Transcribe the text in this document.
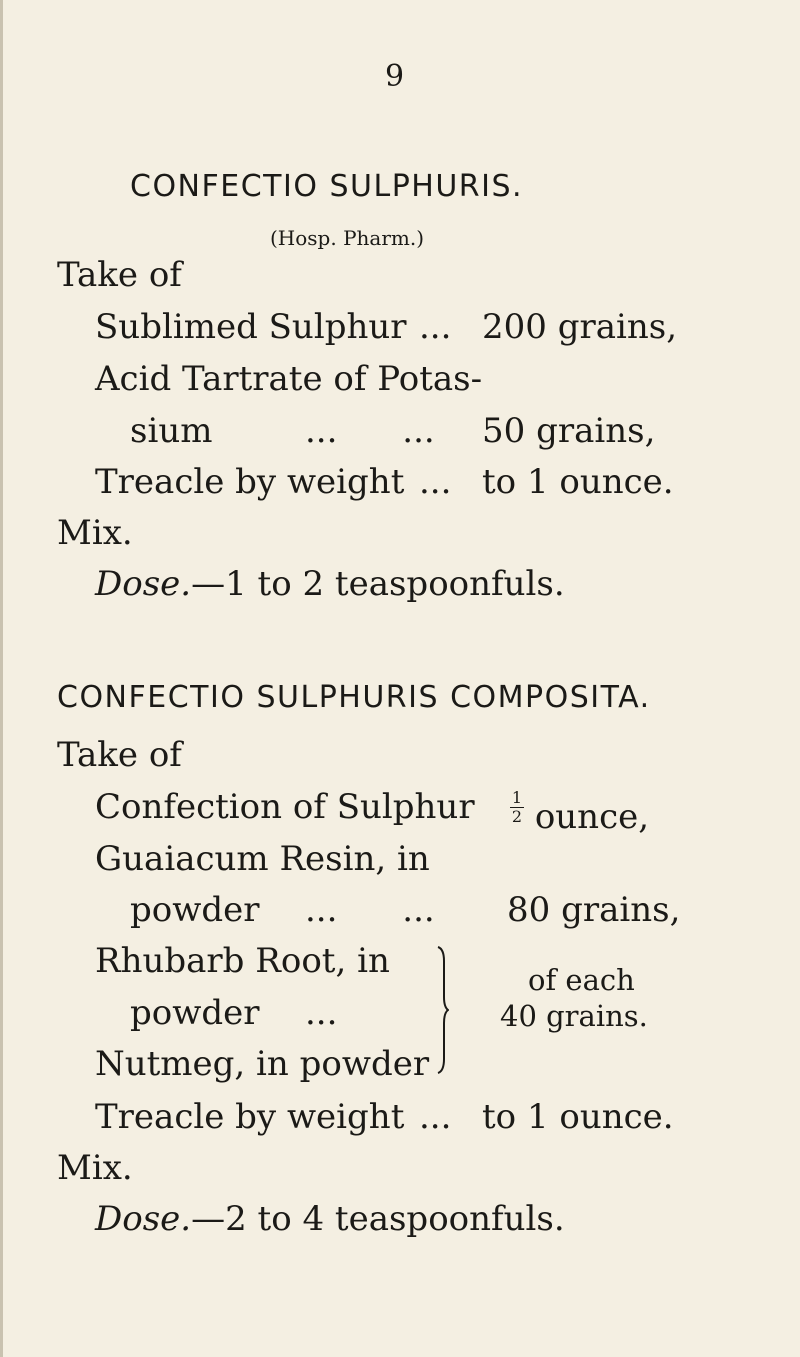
9
CONFECTIO SULPHURIS.
(Hosp. Pharm.)
Take of
Sublimed Sulphur ... 200 grains,
Acid Tartrate of Potas-
sium	...      ... 50 grains,
Treacle by weight ... to 1 ounce.
Mix.
Dose.—1 to 2 teaspoonfuls.
CONFECTIO SULPHURIS COMPOSITA.
Take of
Confection of Sulphur $\frac{1}{2}$ ounce,
Guaiacum Resin, in
powder ...      ... 80 grains,
Rhubarb Root, in
powder ...
Nutmeg, in powder
of each
40 grains.
Treacle by weight ... to 1 ounce.
Mix.
Dose.—2 to 4 teaspoonfuls.
